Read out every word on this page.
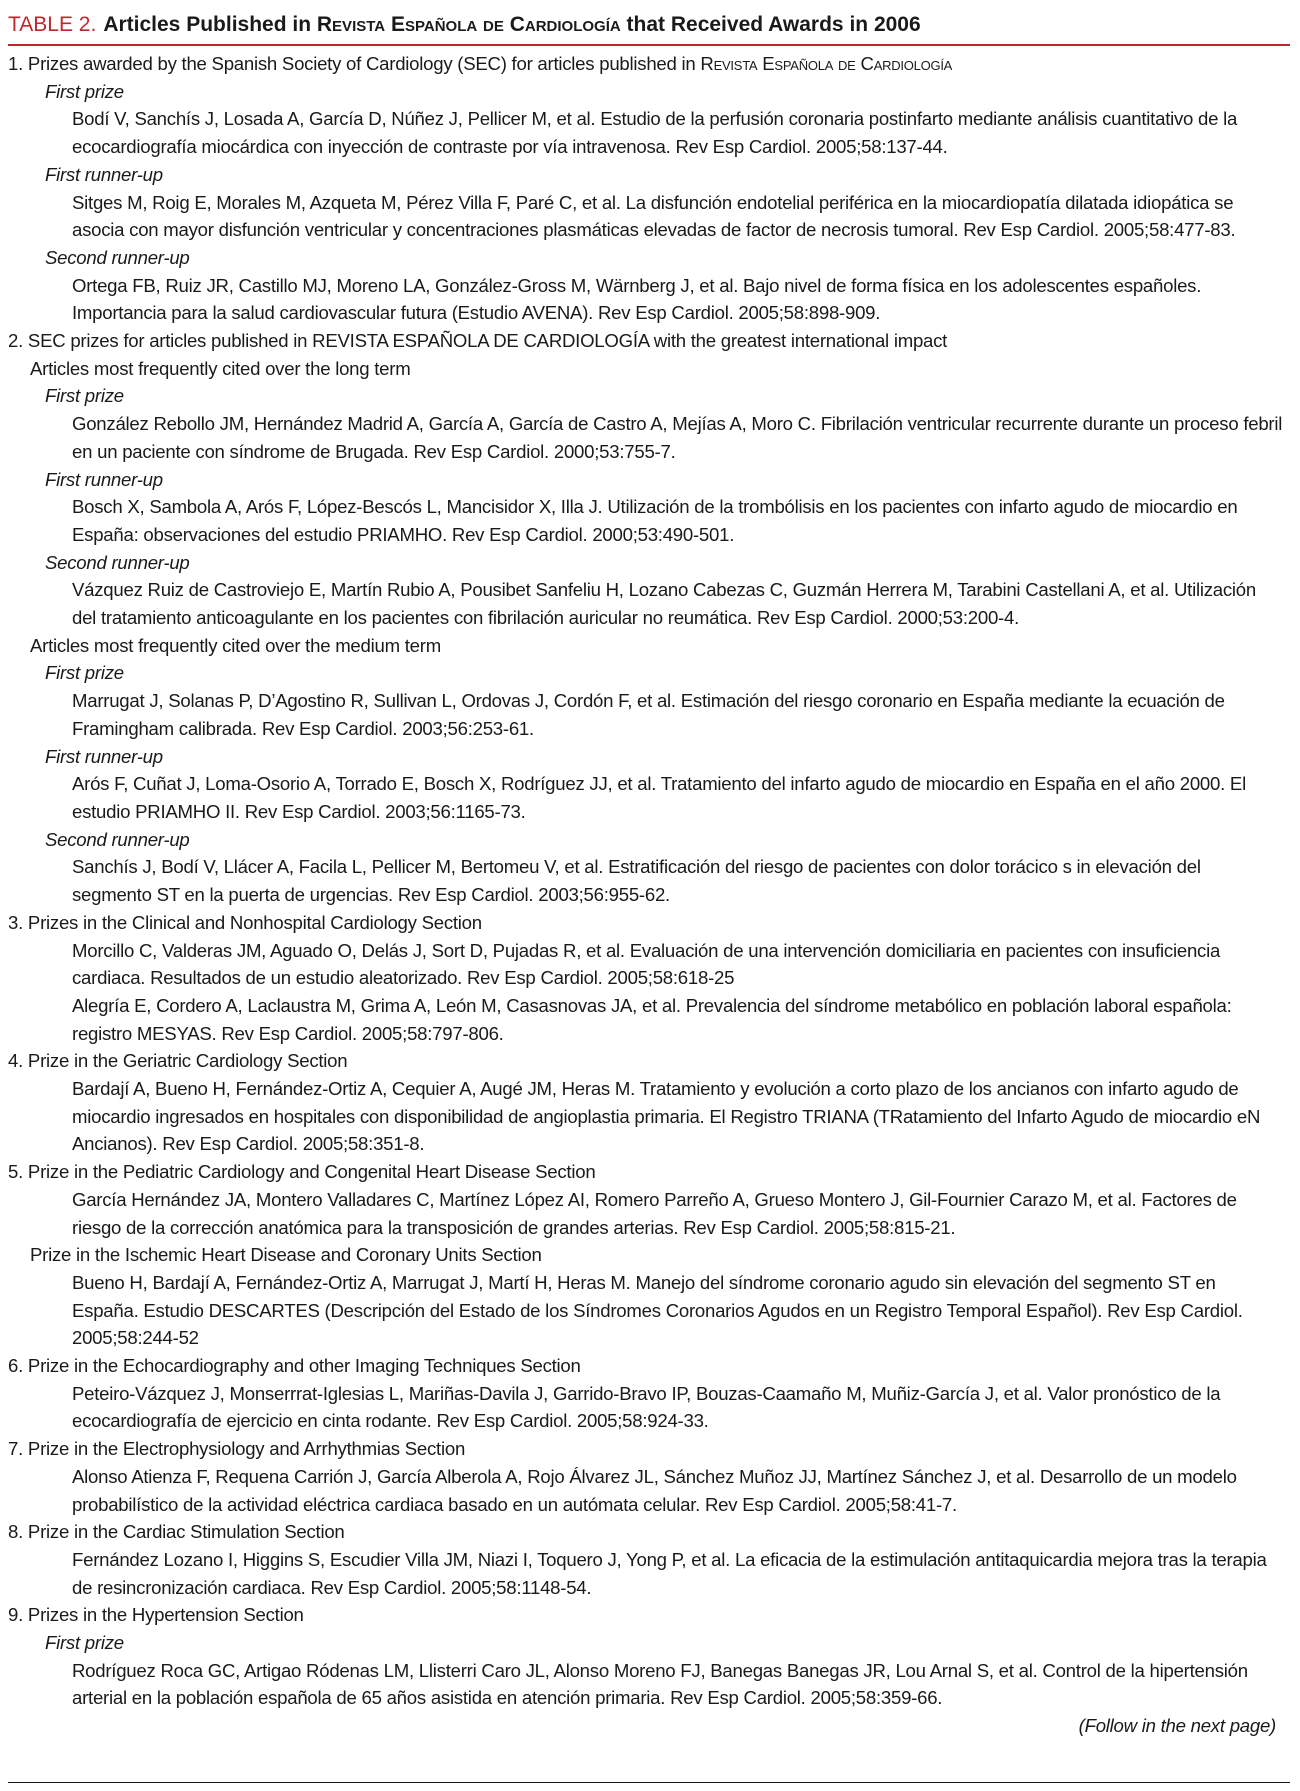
TABLE 2. Articles Published in Revista Española de Cardiología that Received Awards in 2006
1. Prizes awarded by the Spanish Society of Cardiology (SEC) for articles published in Revista Española de Cardiología
First prize
Bodí V, Sanchís J, Losada A, García D, Núñez J, Pellicer M, et al. Estudio de la perfusión coronaria postinfarto mediante análisis cuantitativo de la ecocardiografía miocárdica con inyección de contraste por vía intravenosa. Rev Esp Cardiol. 2005;58:137-44.
First runner-up
Sitges M, Roig E, Morales M, Azqueta M, Pérez Villa F, Paré C, et al. La disfunción endotelial periférica en la miocardiopatía dilatada idiopática se asocia con mayor disfunción ventricular y concentraciones plasmáticas elevadas de factor de necrosis tumoral. Rev Esp Cardiol. 2005;58:477-83.
Second runner-up
Ortega FB, Ruiz JR, Castillo MJ, Moreno LA, González-Gross M, Wärnberg J, et al. Bajo nivel de forma física en los adolescentes españoles. Importancia para la salud cardiovascular futura (Estudio AVENA). Rev Esp Cardiol. 2005;58:898-909.
2. SEC prizes for articles published in REVISTA ESPAÑOLA DE CARDIOLOGÍA with the greatest international impact
Articles most frequently cited over the long term
First prize
González Rebollo JM, Hernández Madrid A, García A, García de Castro A, Mejías A, Moro C. Fibrilación ventricular recurrente durante un proceso febril en un paciente con síndrome de Brugada. Rev Esp Cardiol. 2000;53:755-7.
First runner-up
Bosch X, Sambola A, Arós F, López-Bescós L, Mancisidor X, Illa J. Utilización de la trombólisis en los pacientes con infarto agudo de miocardio en España: observaciones del estudio PRIAMHO. Rev Esp Cardiol. 2000;53:490-501.
Second runner-up
Vázquez Ruiz de Castroviejo E, Martín Rubio A, Pousibet Sanfeliu H, Lozano Cabezas C, Guzmán Herrera M, Tarabini Castellani A, et al. Utilización del tratamiento anticoagulante en los pacientes con fibrilación auricular no reumática. Rev Esp Cardiol. 2000;53:200-4.
Articles most frequently cited over the medium term
First prize
Marrugat J, Solanas P, D’Agostino R, Sullivan L, Ordovas J, Cordón F, et al. Estimación del riesgo coronario en España mediante la ecuación de Framingham calibrada. Rev Esp Cardiol. 2003;56:253-61.
First runner-up
Arós F, Cuñat J, Loma-Osorio A, Torrado E, Bosch X, Rodríguez JJ, et al. Tratamiento del infarto agudo de miocardio en España en el año 2000. El estudio PRIAMHO II. Rev Esp Cardiol. 2003;56:1165-73.
Second runner-up
Sanchís J, Bodí V, Llácer A, Facila L, Pellicer M, Bertomeu V, et al. Estratificación del riesgo de pacientes con dolor torácico s in elevación del segmento ST en la puerta de urgencias. Rev Esp Cardiol. 2003;56:955-62.
3. Prizes in the Clinical and Nonhospital Cardiology Section
Morcillo C, Valderas JM, Aguado O, Delás J, Sort D, Pujadas R, et al. Evaluación de una intervención domiciliaria en pacientes con insuficiencia cardiaca. Resultados de un estudio aleatorizado. Rev Esp Cardiol. 2005;58:618-25
Alegría E, Cordero A, Laclaustra M, Grima A, León M, Casasnovas JA, et al. Prevalencia del síndrome metabólico en población laboral española: registro MESYAS. Rev Esp Cardiol. 2005;58:797-806.
4. Prize in the Geriatric Cardiology Section
Bardají A, Bueno H, Fernández-Ortiz A, Cequier A, Augé JM, Heras M. Tratamiento y evolución a corto plazo de los ancianos con infarto agudo de miocardio ingresados en hospitales con disponibilidad de angioplastia primaria. El Registro TRIANA (TRatamiento del Infarto Agudo de miocardio eN Ancianos). Rev Esp Cardiol. 2005;58:351-8.
5. Prize in the Pediatric Cardiology and Congenital Heart Disease Section
García Hernández JA, Montero Valladares C, Martínez López AI, Romero Parreño A, Grueso Montero J, Gil-Fournier Carazo M, et al. Factores de riesgo de la corrección anatómica para la transposición de grandes arterias. Rev Esp Cardiol. 2005;58:815-21.
Prize in the Ischemic Heart Disease and Coronary Units Section
Bueno H, Bardají A, Fernández-Ortiz A, Marrugat J, Martí H, Heras M. Manejo del síndrome coronario agudo sin elevación del segmento ST en España. Estudio DESCARTES (Descripción del Estado de los Síndromes Coronarios Agudos en un Registro Temporal Español). Rev Esp Cardiol. 2005;58:244-52
6. Prize in the Echocardiography and other Imaging Techniques Section
Peteiro-Vázquez J, Monserrrat-Iglesias L, Mariñas-Davila J, Garrido-Bravo IP, Bouzas-Caamaño M, Muñiz-García J, et al. Valor pronóstico de la ecocardiografía de ejercicio en cinta rodante. Rev Esp Cardiol. 2005;58:924-33.
7. Prize in the Electrophysiology and Arrhythmias Section
Alonso Atienza F, Requena Carrión J, García Alberola A, Rojo Álvarez JL, Sánchez Muñoz JJ, Martínez Sánchez J, et al. Desarrollo de un modelo probabilístico de la actividad eléctrica cardiaca basado en un autómata celular. Rev Esp Cardiol. 2005;58:41-7.
8. Prize in the Cardiac Stimulation Section
Fernández Lozano I, Higgins S, Escudier Villa JM, Niazi I, Toquero J, Yong P, et al. La eficacia de la estimulación antitaquicardia mejora tras la terapia de resincronización cardiaca. Rev Esp Cardiol. 2005;58:1148-54.
9. Prizes in the Hypertension Section
First prize
Rodríguez Roca GC, Artigao Ródenas LM, Llisterri Caro JL, Alonso Moreno FJ, Banegas Banegas JR, Lou Arnal S, et al. Control de la hipertensión arterial en la población española de 65 años asistida en atención primaria. Rev Esp Cardiol. 2005;58:359-66.
(Follow in the next page)
